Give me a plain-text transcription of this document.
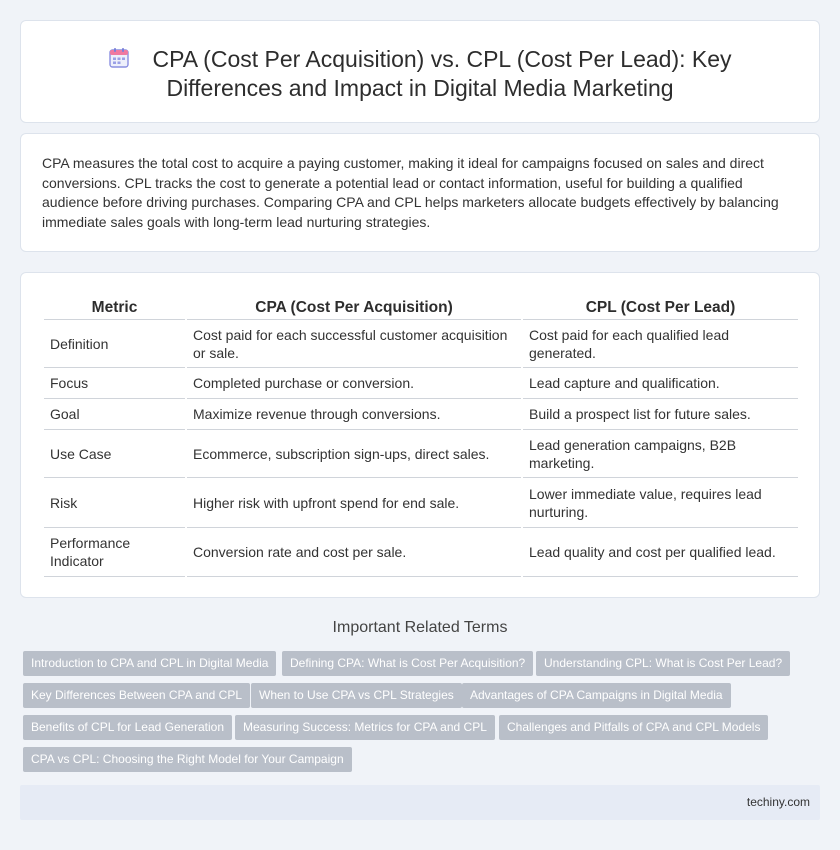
CPA (Cost Per Acquisition) vs. CPL (Cost Per Lead): Key
Differences and Impact in Digital Media Marketing

CPA measures the total cost to acquire a paying customer, making it ideal for campaigns focused on sales and direct conversions. CPL tracks the cost to generate a potential lead or contact information, useful for building a qualified audience before driving purchases. Comparing CPA and CPL helps marketers allocate budgets effectively by balancing immediate sales goals with long-term lead nurturing strategies.

Metric	CPA (Cost Per Acquisition)	CPL (Cost Per Lead)
Definition	Cost paid for each successful customer acquisition or sale.	Cost paid for each qualified lead generated.
Focus	Completed purchase or conversion.	Lead capture and qualification.
Goal	Maximize revenue through conversions.	Build a prospect list for future sales.
Use Case	Ecommerce, subscription sign-ups, direct sales.	Lead generation campaigns, B2B marketing.
Risk	Higher risk with upfront spend for end sale.	Lower immediate value, requires lead nurturing.
Performance Indicator	Conversion rate and cost per sale.	Lead quality and cost per qualified lead.
Important Related Terms
Introduction to CPA and CPL in Digital Media	Defining CPA: What is Cost Per Acquisition?	Understanding CPL: What is Cost Per Lead?
Key Differences Between CPA and CPL	When to Use CPA vs CPL Strategies	Advantages of CPA Campaigns in Digital Media
Benefits of CPL for Lead Generation	Measuring Success: Metrics for CPA and CPL	Challenges and Pitfalls of CPA and CPL Models
CPA vs CPL: Choosing the Right Model for Your Campaign
techiny.com
